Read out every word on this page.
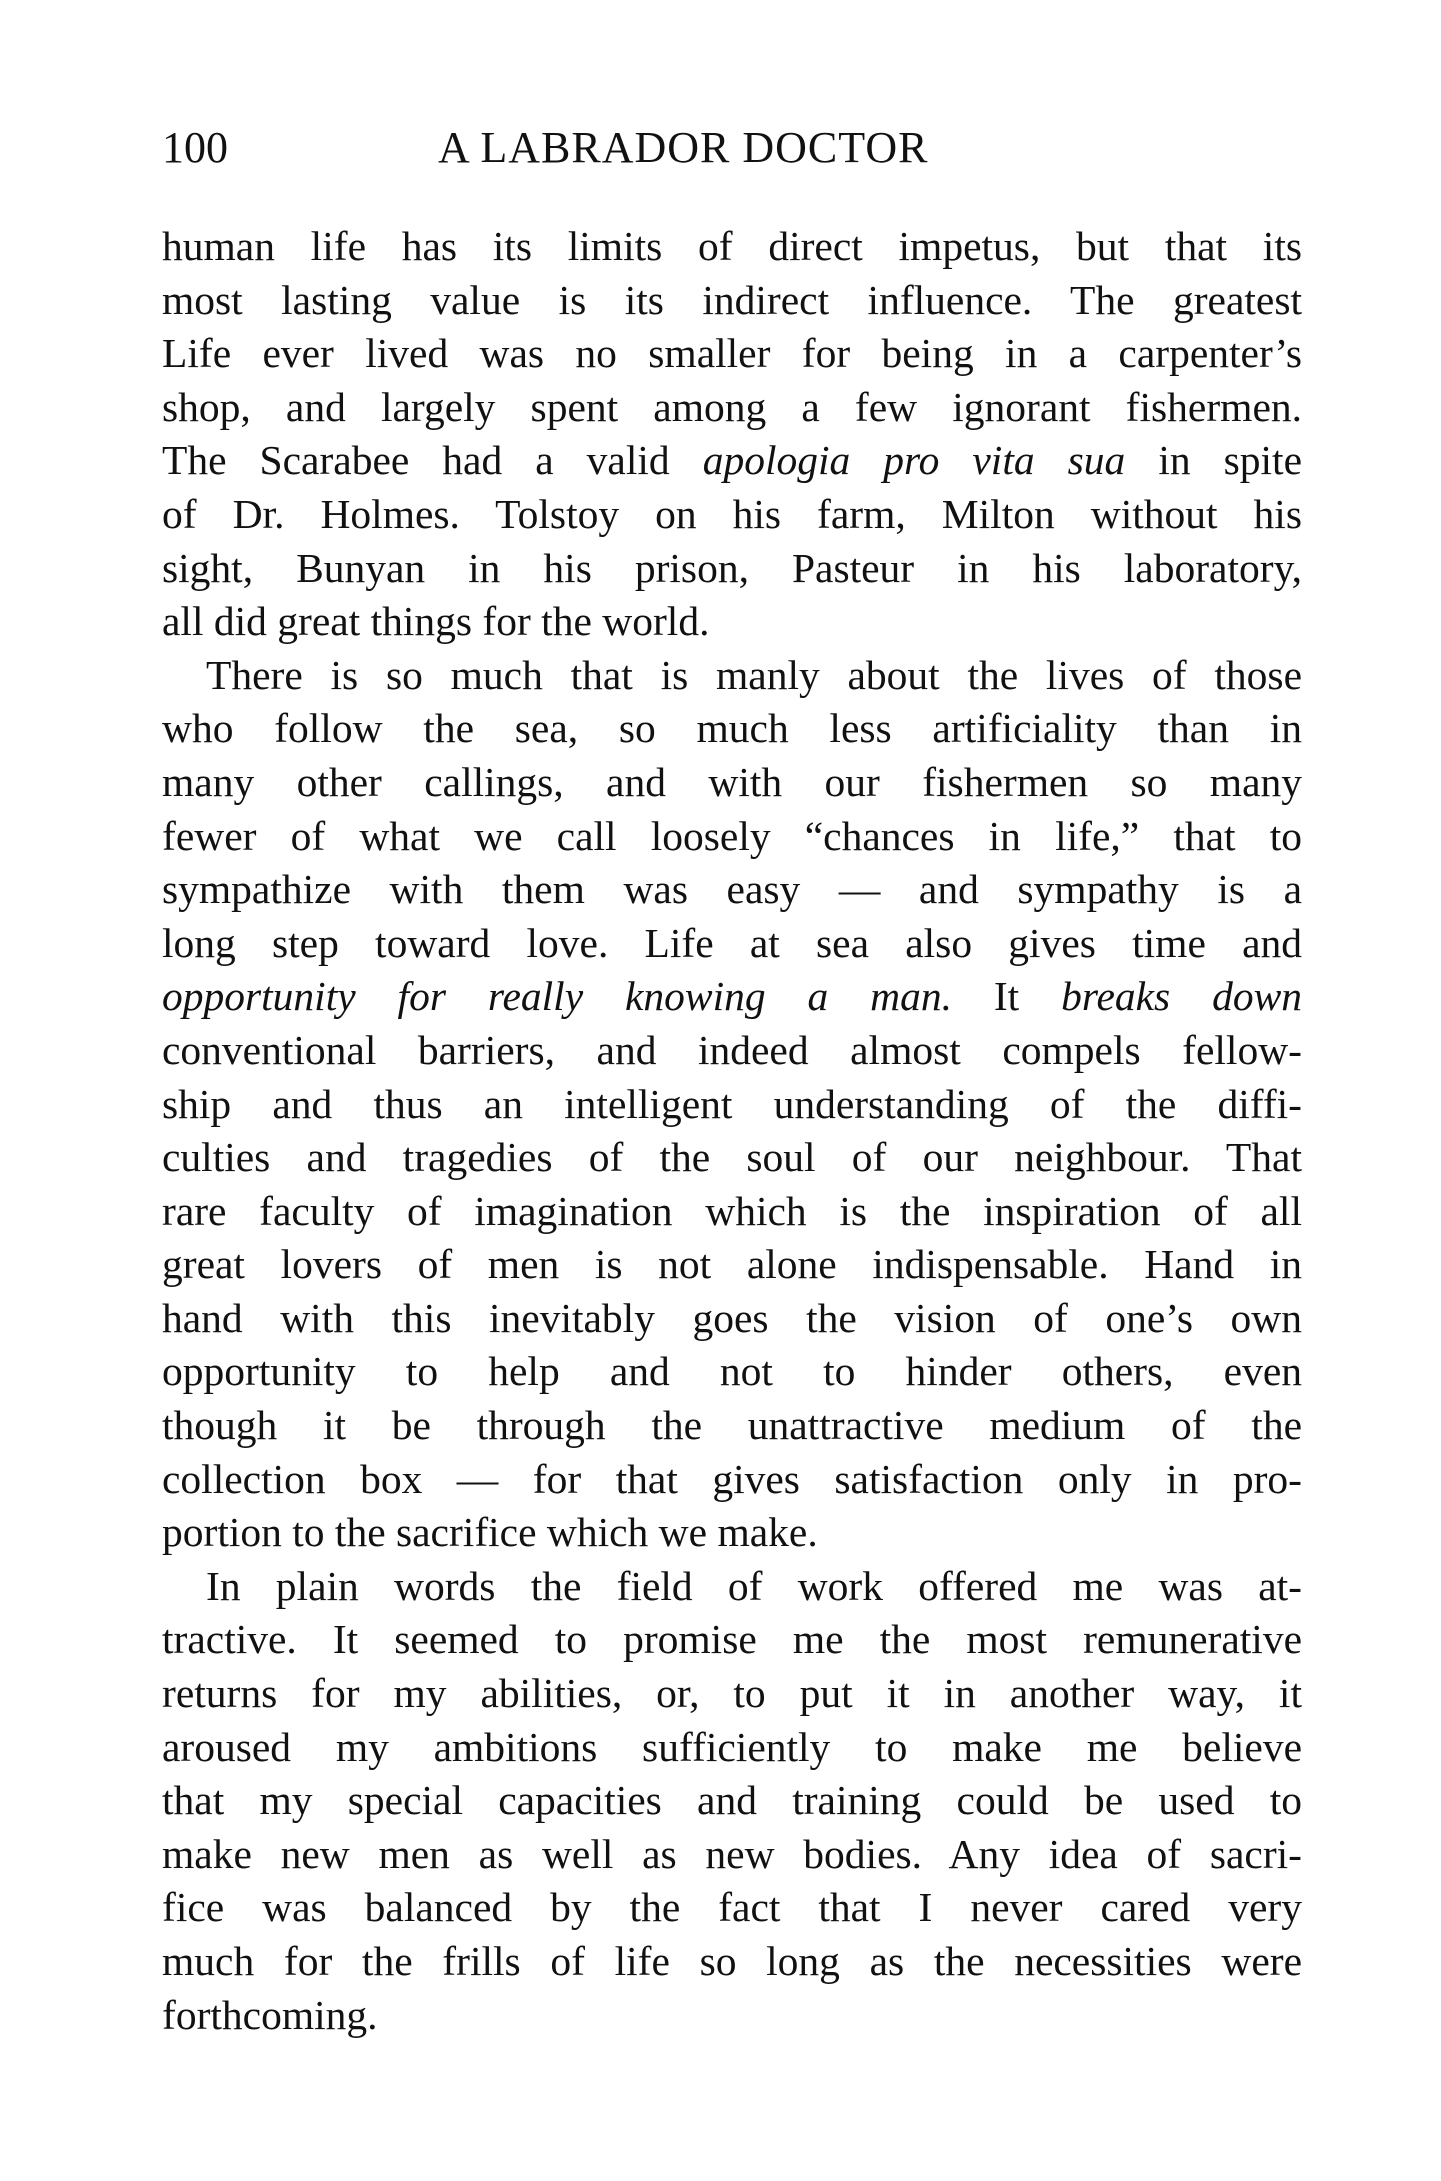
100	A LABRADOR DOCTOR

human life has its limits of direct impetus, but that its
most lasting value is its indirect influence. The greatest
Life ever lived was no smaller for being in a carpenter’s
shop, and largely spent among a few ignorant fishermen.
The Scarabee had a valid apologia pro vita sua in spite
of Dr. Holmes. Tolstoy on his farm, Milton without his
sight, Bunyan in his prison, Pasteur in his laboratory,
all did great things for the world.

There is so much that is manly about the lives of those
who follow the sea, so much less artificiality than in
many other callings, and with our fishermen so many
fewer of what we call loosely “chances in life,” that to
sympathize with them was easy — and sympathy is a
long step toward love. Life at sea also gives time and
opportunity for really knowing a man. It breaks down
conventional barriers, and indeed almost compels fellow-
ship and thus an intelligent understanding of the diffi-
culties and tragedies of the soul of our neighbour. That
rare faculty of imagination which is the inspiration of all
great lovers of men is not alone indispensable. Hand in
hand with this inevitably goes the vision of one’s own
opportunity to help and not to hinder others, even
though it be through the unattractive medium of the
collection box — for that gives satisfaction only in pro-
portion to the sacrifice which we make.

In plain words the field of work offered me was at-
tractive. It seemed to promise me the most remunerative
returns for my abilities, or, to put it in another way, it
aroused my ambitions sufficiently to make me believe
that my special capacities and training could be used to
make new men as well as new bodies. Any idea of sacri-
fice was balanced by the fact that I never cared very
much for the frills of life so long as the necessities were
forthcoming.
